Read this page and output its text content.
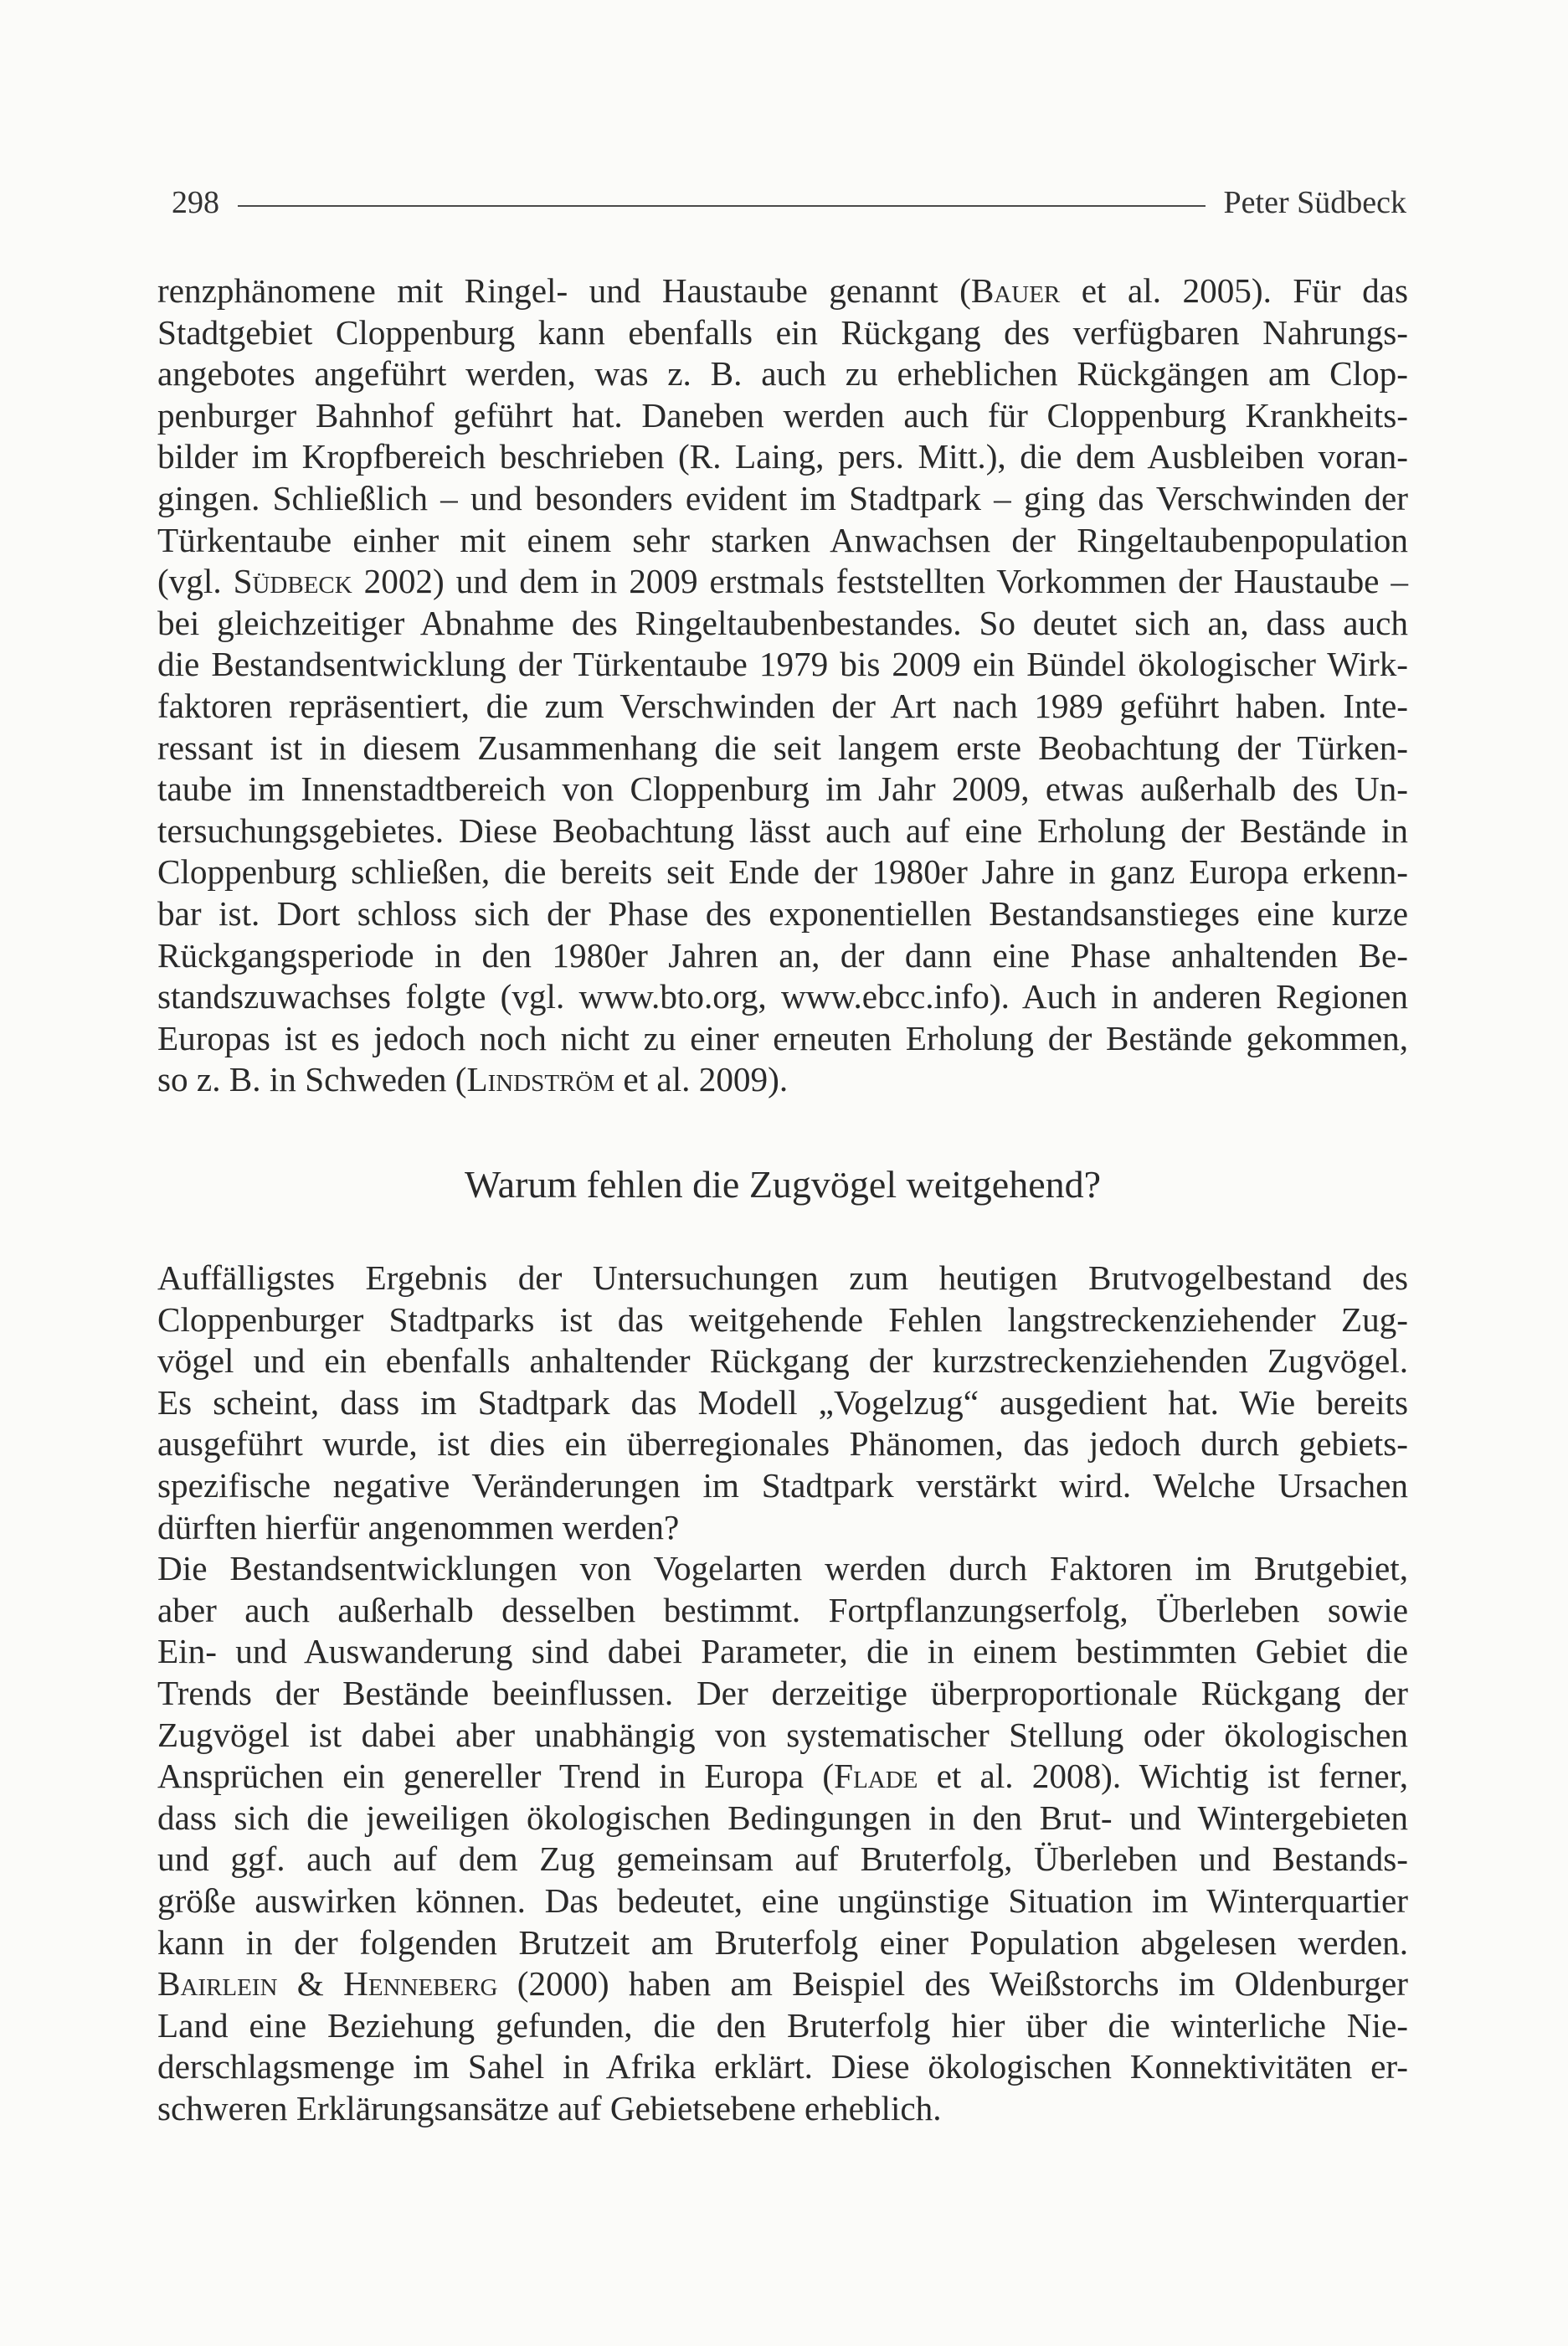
298	Peter Südbeck
renzphänomene mit Ringel- und Haustaube genannt (Bauer et al. 2005). Für das
Stadtgebiet Cloppenburg kann ebenfalls ein Rückgang des verfügbaren Nahrungs-
angebotes angeführt werden, was z. B. auch zu erheblichen Rückgängen am Clop-
penburger Bahnhof geführt hat. Daneben werden auch für Cloppenburg Krankheits-
bilder im Kropfbereich beschrieben (R. Laing, pers. Mitt.), die dem Ausbleiben voran-
gingen. Schließlich – und besonders evident im Stadtpark – ging das Verschwinden der
Türkentaube einher mit einem sehr starken Anwachsen der Ringeltaubenpopulation
(vgl. Südbeck 2002) und dem in 2009 erstmals feststellten Vorkommen der Haustaube –
bei gleichzeitiger Abnahme des Ringeltaubenbestandes. So deutet sich an, dass auch
die Bestandsentwicklung der Türkentaube 1979 bis 2009 ein Bündel ökologischer Wirk-
faktoren repräsentiert, die zum Verschwinden der Art nach 1989 geführt haben. Inte-
ressant ist in diesem Zusammenhang die seit langem erste Beobachtung der Türken-
taube im Innenstadtbereich von Cloppenburg im Jahr 2009, etwas außerhalb des Un-
tersuchungsgebietes. Diese Beobachtung lässt auch auf eine Erholung der Bestände in
Cloppenburg schließen, die bereits seit Ende der 1980er Jahre in ganz Europa erkenn-
bar ist. Dort schloss sich der Phase des exponentiellen Bestandsanstieges eine kurze
Rückgangsperiode in den 1980er Jahren an, der dann eine Phase anhaltenden Be-
standszuwachses folgte (vgl. www.bto.org, www.ebcc.info). Auch in anderen Regionen
Europas ist es jedoch noch nicht zu einer erneuten Erholung der Bestände gekommen,
so z. B. in Schweden (Lindström et al. 2009).
Warum fehlen die Zugvögel weitgehend?

Auffälligstes Ergebnis der Untersuchungen zum heutigen Brutvogelbestand des
Cloppenburger Stadtparks ist das weitgehende Fehlen langstreckenziehender Zug-
vögel und ein ebenfalls anhaltender Rückgang der kurzstreckenziehenden Zugvögel.
Es scheint, dass im Stadtpark das Modell „Vogelzug“ ausgedient hat. Wie bereits
ausgeführt wurde, ist dies ein überregionales Phänomen, das jedoch durch gebiets-
spezifische negative Veränderungen im Stadtpark verstärkt wird. Welche Ursachen
dürften hierfür angenommen werden?

Die Bestandsentwicklungen von Vogelarten werden durch Faktoren im Brutgebiet,
aber auch außerhalb desselben bestimmt. Fortpflanzungserfolg, Überleben sowie
Ein- und Auswanderung sind dabei Parameter, die in einem bestimmten Gebiet die
Trends der Bestände beeinflussen. Der derzeitige überproportionale Rückgang der
Zugvögel ist dabei aber unabhängig von systematischer Stellung oder ökologischen
Ansprüchen ein genereller Trend in Europa (Flade et al. 2008). Wichtig ist ferner,
dass sich die jeweiligen ökologischen Bedingungen in den Brut- und Wintergebieten
und ggf. auch auf dem Zug gemeinsam auf Bruterfolg, Überleben und Bestands-
größe auswirken können. Das bedeutet, eine ungünstige Situation im Winterquartier
kann in der folgenden Brutzeit am Bruterfolg einer Population abgelesen werden.
Bairlein & Henneberg (2000) haben am Beispiel des Weißstorchs im Oldenburger
Land eine Beziehung gefunden, die den Bruterfolg hier über die winterliche Nie-
derschlagsmenge im Sahel in Afrika erklärt. Diese ökologischen Konnektivitäten er-
schweren Erklärungsansätze auf Gebietsebene erheblich.
